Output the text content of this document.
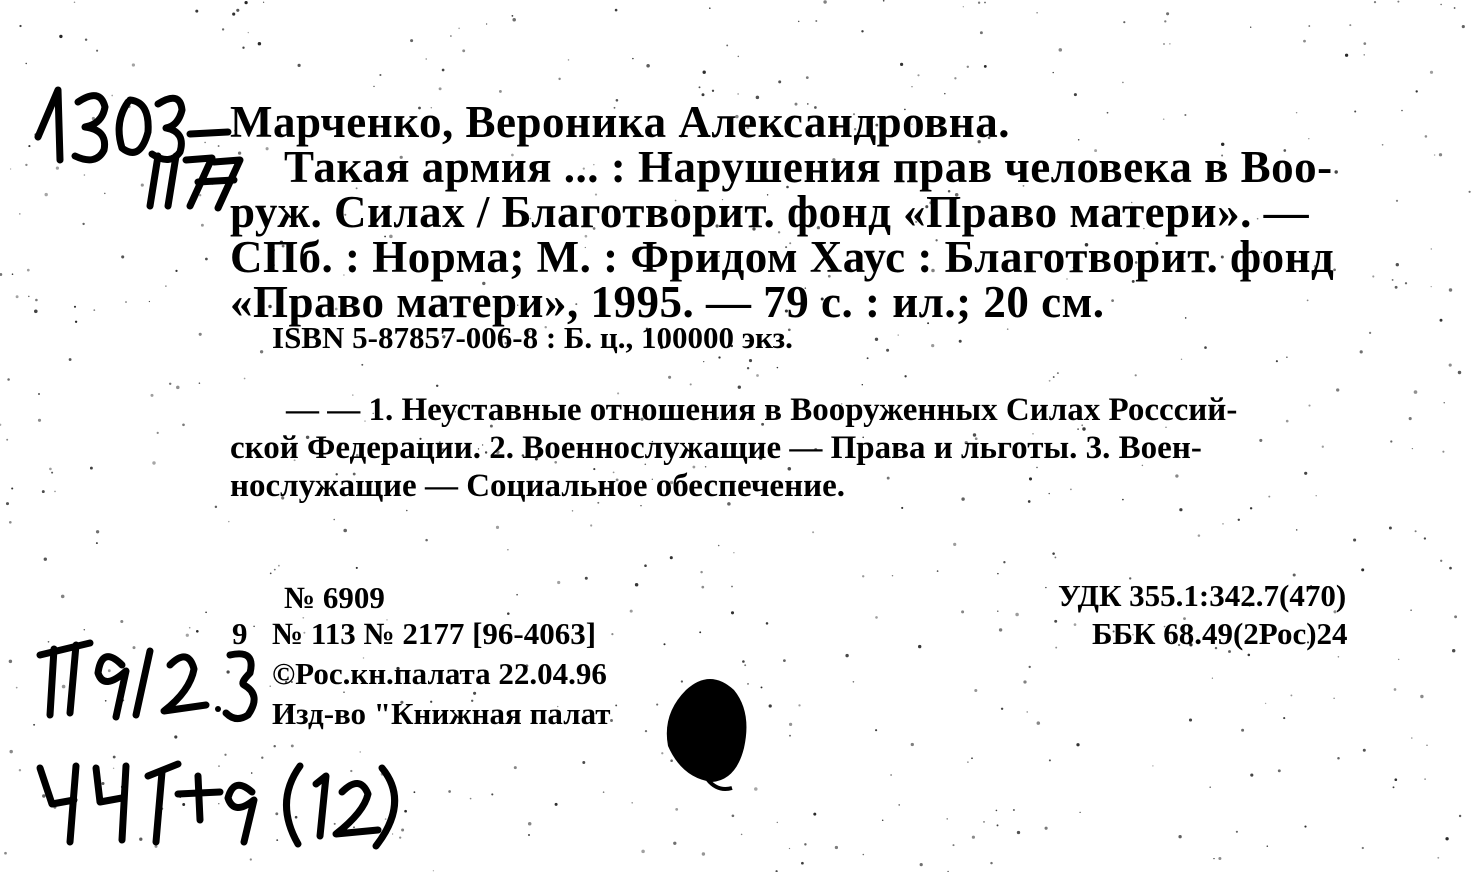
Марченко, Вероника Александровна.
Такая армия ... : Нарушения прав человека в Воо-
руж. Силах / Благотворит. фонд «Право матери». —
СПб. : Норма; М. : Фридом Хаус : Благотворит. фонд
«Право матери», 1995. — 79 с. : ил.; 20 см.
ISBN 5-87857-006-8 : Б. ц., 100000 экз.
— — 1. Неуставные отношения в Вооруженных Силах Росссий-
ской Федерации. 2. Военнослужащие — Права и льготы. 3. Воен-
нослужащие — Социальное обеспечение.
№ 6909
9 № 113 № 2177 [96-4063]
©Рос.кн.палата 22.04.96
Изд-во "Книжная палат
УДК 355.1:342.7(470)
ББК 68.49(2Рос)24
